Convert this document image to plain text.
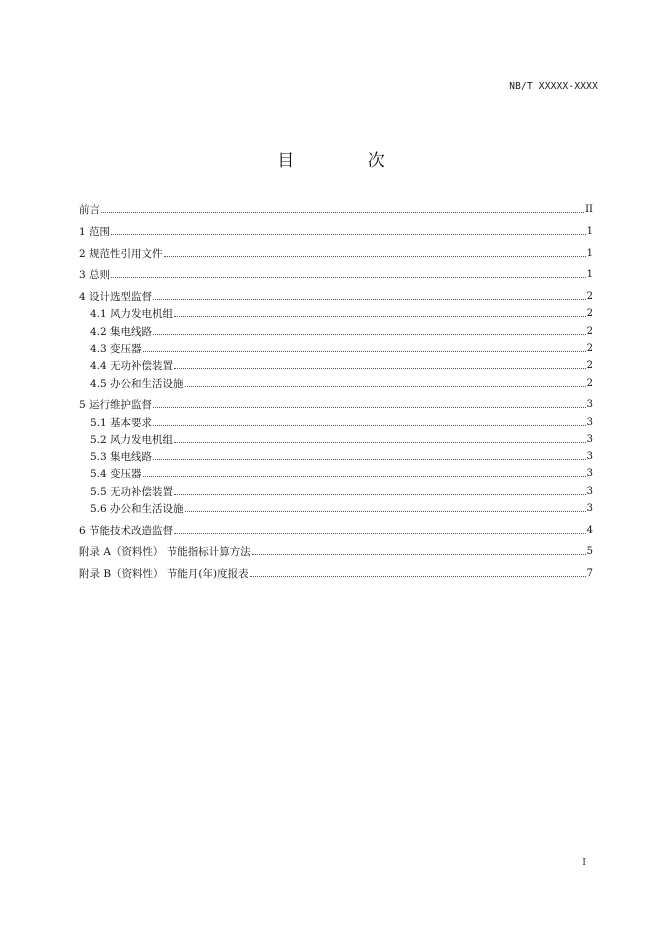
NB/T XXXXX-XXXX
目 次
前言	II
1 范围	1
2 规范性引用文件	1
3 总则	1
4 设计选型监督	2
4.1 风力发电机组	2
4.2 集电线路	2
4.3 变压器	2
4.4 无功补偿装置	2
4.5 办公和生活设施	2
5 运行维护监督	3
5.1 基本要求	3
5.2 风力发电机组	3
5.3 集电线路	3
5.4 变压器	3
5.5 无功补偿装置	3
5.6 办公和生活设施	3
6 节能技术改造监督	4
附录 A（资料性） 节能指标计算方法	5
附录 B（资料性） 节能月(年)度报表	7
I
